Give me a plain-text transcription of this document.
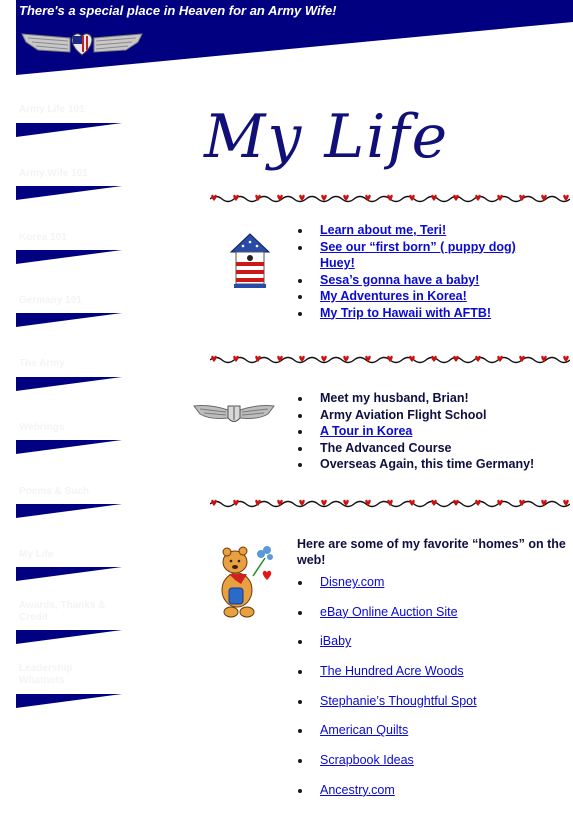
There's a special place in Heaven for an Army Wife!
Army Life 101
Army Wife 101
Korea 101
Germany 101
The Army
Webrings
Poems & Such
My Life
Awards, Thanks & Credit
Leadership Whatnots
My Life
Learn about me, Teri!
See our “first born” ( puppy dog) Huey!
Sesa’s gonna have a baby!
My Adventures in Korea!
My Trip to Hawaii with AFTB!
Meet my husband, Brian!
Army Aviation Flight School
A Tour in Korea
The Advanced Course
Overseas Again, this time Germany!
Here are some of my favorite “homes” on the web!
Disney.com
eBay Online Auction Site
iBaby
The Hundred Acre Woods
Stephanie’s Thoughtful Spot
American Quilts
Scrapbook Ideas
Ancestry.com
